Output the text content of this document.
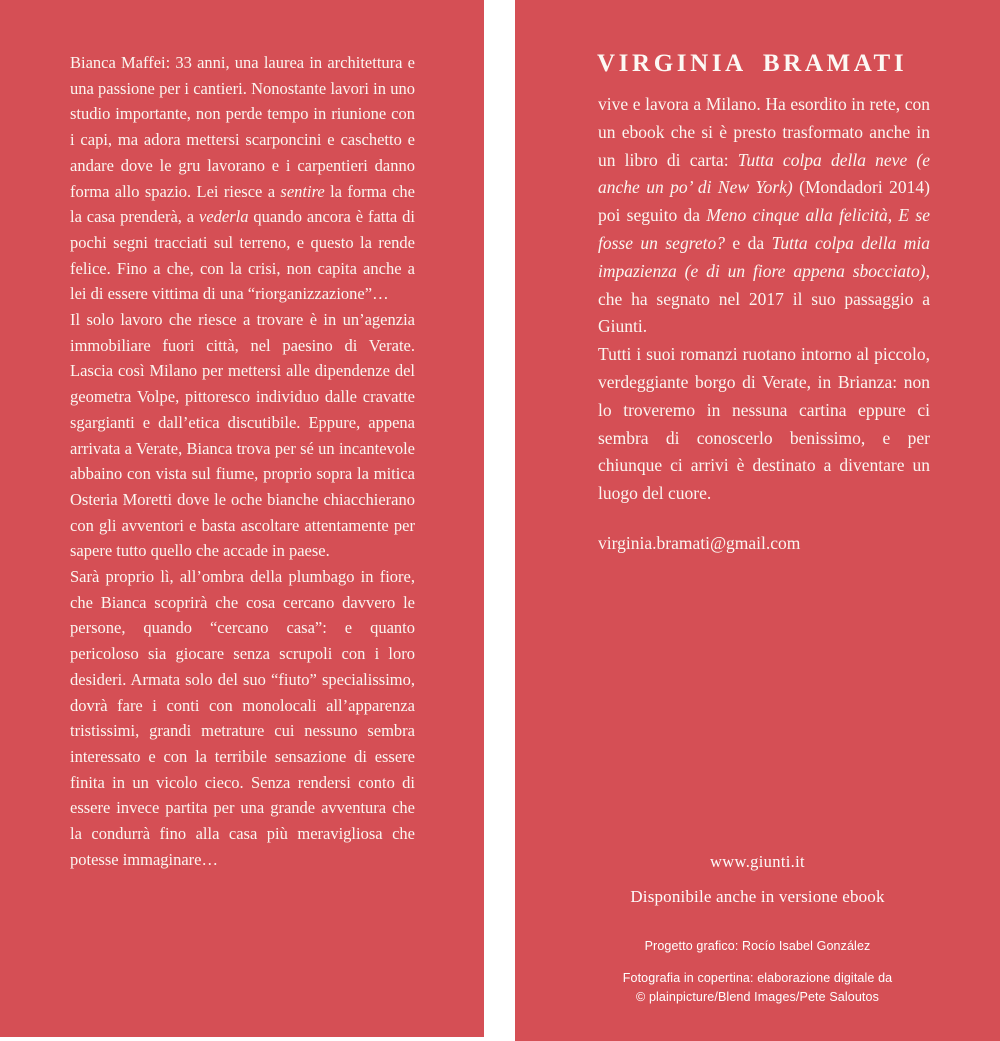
Bianca Maffei: 33 anni, una laurea in architettura e una passione per i cantieri. Nonostante lavori in uno studio importante, non perde tempo in riunione con i capi, ma adora mettersi scarponcini e caschetto e andare dove le gru lavorano e i carpentieri danno forma allo spazio. Lei riesce a sentire la forma che la casa prenderà, a vederla quando ancora è fatta di pochi segni tracciati sul terreno, e questo la rende felice. Fino a che, con la crisi, non capita anche a lei di essere vittima di una “riorganizzazione”…

Il solo lavoro che riesce a trovare è in un’agenzia immobiliare fuori città, nel paesino di Verate. Lascia così Milano per mettersi alle dipendenze del geometra Volpe, pittoresco individuo dalle cravatte sgargianti e dall’etica discutibile. Eppure, appena arrivata a Verate, Bianca trova per sé un incantevole abbaino con vista sul fiume, proprio sopra la mitica Osteria Moretti dove le oche bianche chiacchierano con gli avventori e basta ascoltare attentamente per sapere tutto quello che accade in paese.

Sarà proprio lì, all’ombra della plumbago in fiore, che Bianca scoprirà che cosa cercano davvero le persone, quando “cercano casa”: e quanto pericoloso sia giocare senza scrupoli con i loro desideri. Armata solo del suo “fiuto” specialissimo, dovrà fare i conti con monolocali all’apparenza tristissimi, grandi metrature cui nessuno sembra interessato e con la terribile sensazione di essere finita in un vicolo cieco. Senza rendersi conto di essere invece partita per una grande avventura che la condurrà fino alla casa più meravigliosa che potesse immaginare…

VIRGINIA BRAMATI

vive e lavora a Milano. Ha esordito in rete, con un ebook che si è presto trasformato anche in un libro di carta: Tutta colpa della neve (e anche un po’ di New York) (Mondadori 2014) poi seguito da Meno cinque alla felicità, E se fosse un segreto? e da Tutta colpa della mia impazienza (e di un fiore appena sbocciato), che ha segnato nel 2017 il suo passaggio a Giunti.

Tutti i suoi romanzi ruotano intorno al piccolo, verdeggiante borgo di Verate, in Brianza: non lo troveremo in nessuna cartina eppure ci sembra di conoscerlo benissimo, e per chiunque ci arrivi è destinato a diventare un luogo del cuore.

virginia.bramati@gmail.com
www.giunti.it
Disponibile anche in versione ebook
Progetto grafico: Rocío Isabel González
Fotografia in copertina: elaborazione digitale da
© plainpicture/Blend Images/Pete Saloutos
